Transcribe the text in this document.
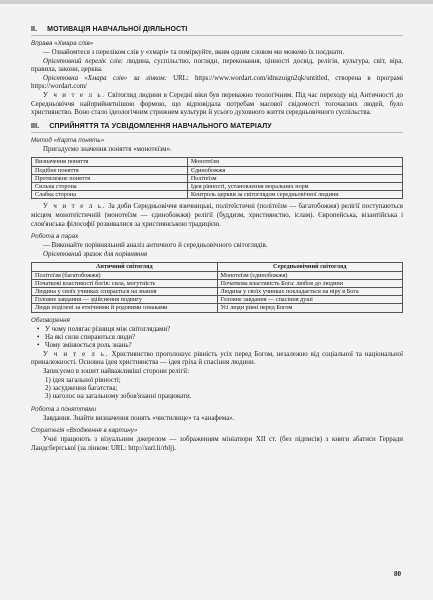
II. МОТИВАЦІЯ НАВЧАЛЬНОЇ ДІЯЛЬНОСТІ
Вправа «Хмара слів»

— Ознайомтеся з переліком слів у «хмарі» та поміркуйте, яким одним словом ми можемо їх поєднати.

Орієнтовний перелік слів: людина, суспільство, погляди, переконання, цінності досвід, релігія, культура, світ, віра, правила, закони, церква.

Орієнтовна «Хмара слів» за лінком: URL: https://www.wordart.com/idnszuign2qk/untitled, створена в програмі https://wordart.com/

У ч и т е л ь. Світогляд людини в Середні віки був переважно теологічним. Під час переходу від Античності до Середньовіччя найприйнятнішою формою, що відповідала потребам масової свідомості тогочасних людей, було християнство. Воно стало ідеологічним стрижнем культури й усього духовного життя середньовічного суспільства.

III. СПРИЙНЯТТЯ ТА УСВІДОМЛЕННЯ НАВЧАЛЬНОГО МАТЕРІАЛУ
Метод «Карта понять»

Пригадуємо значення поняття «монотеїзм».

Визначення поняття	Монотеїзм
Подібне поняття	Єдинобожжя
Протилежне поняття	Політеїзм
Сильна сторона	Ідея рівності, установлення моральних норм
Слабка сторона	Контроль церкви за світоглядом середньовічної людини

У ч и т е л ь. За доби Середньовіччя язичницькі, політеїстичні (політеїзм — багатобожжя) релігії поступаються місцем монотеїстичній (монотеїзм — єдинобожжя) релігії (буддизм, християнство, іслам). Європейська, візантійська і слов'янська філософії розвивалися за християнською традицією.

Робота в парах

— Виконайте порівняльний аналіз античного й середньовічного світоглядів.

Орієнтовний зразок для порівняння

Античний світогляд	Середньовічний світогляд
Політеїзм (багатобожжя)	Монотеїзм (єдинобожжя)
Початкові властивості богів: сила, могутність	Початкова властивість Бога: любов до людини
Людина у своїх учинках спирається на знання	Людина у своїх учинках покладається на віру в Бога
Головне завдання — здійснення подвигу	Головне завдання — спасіння душі
Люди поділені за етнічними й родовими ознаками	Усі люди рівні перед Богом
Обговорення

• У чому полягає різниця між світоглядами?

• На які сили спираються люди?

• Чому змінюється роль знань?

У ч и т е л ь. Християнство проголошує рівність усіх перед Богом, незалежно від соціальної та національної приналежності. Основна ідея християнства — ідея гріха й спасіння людини.

Записуємо в зошит найважливіші сторони релігії:

1) ідея загальної рівності;

2) засудження багатства;

3) наголос на загальному зобов'язанні працювати.

Робота з поняттями

Завдання. Знайти визначення понять «чистилище» та «анафема».

Стратегія «Входження в картину»

Учні працюють з візуальним джерелом — зображенням мініатюри XII ст. (без підписів) з книги абатиси Герради Ландсберґської (за лінком: URL: http://surl.li/rblj).

80
